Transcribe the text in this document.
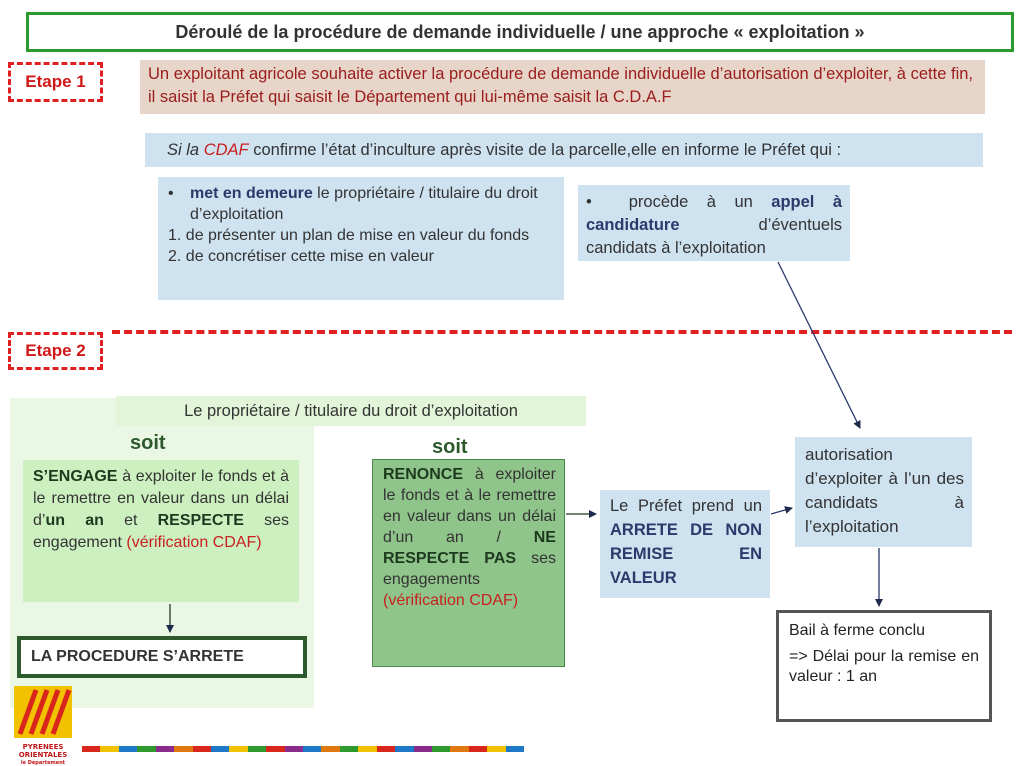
Déroulé de la procédure de demande individuelle / une approche « exploitation »
Etape 1	Un exploitant agricole souhaite activer la procédure de demande individuelle d’autorisation d’exploiter, à cette fin, il saisit la Préfet qui saisit le Département qui lui-même saisit la C.D.A.F
Si la
CDAF
confirme l’état d’inculture après visite de la parcelle,elle en informe le Préfet qui :
•	met en demeure le propriétaire / titulaire du droit d’exploitation
1. de présenter un plan de mise en valeur du fonds
2. de concrétiser cette mise en valeur
• procède à un appel à candidature	d’éventuels candidats à l’exploitation
Etape 2
Le propriétaire / titulaire du droit d’exploitation
soit	soit
S’ENGAGE à exploiter le fonds et à le remettre en valeur dans un délai d’un an et RESPECTE ses engagement (vérification CDAF)
LA PROCEDURE S’ARRETE
RENONCE à exploiter le fonds et à le remettre en valeur dans un délai d’un an / NE RESPECTE PAS ses engagements (vérification CDAF)
Le Préfet prend un ARRETE DE NON REMISE EN VALEUR
autorisation d’exploiter à l’un des candidats à l’exploitation
Bail à ferme conclu
=> Délai pour la remise en valeur : 1 an
PYRENEES
ORIENTALES
le Département
